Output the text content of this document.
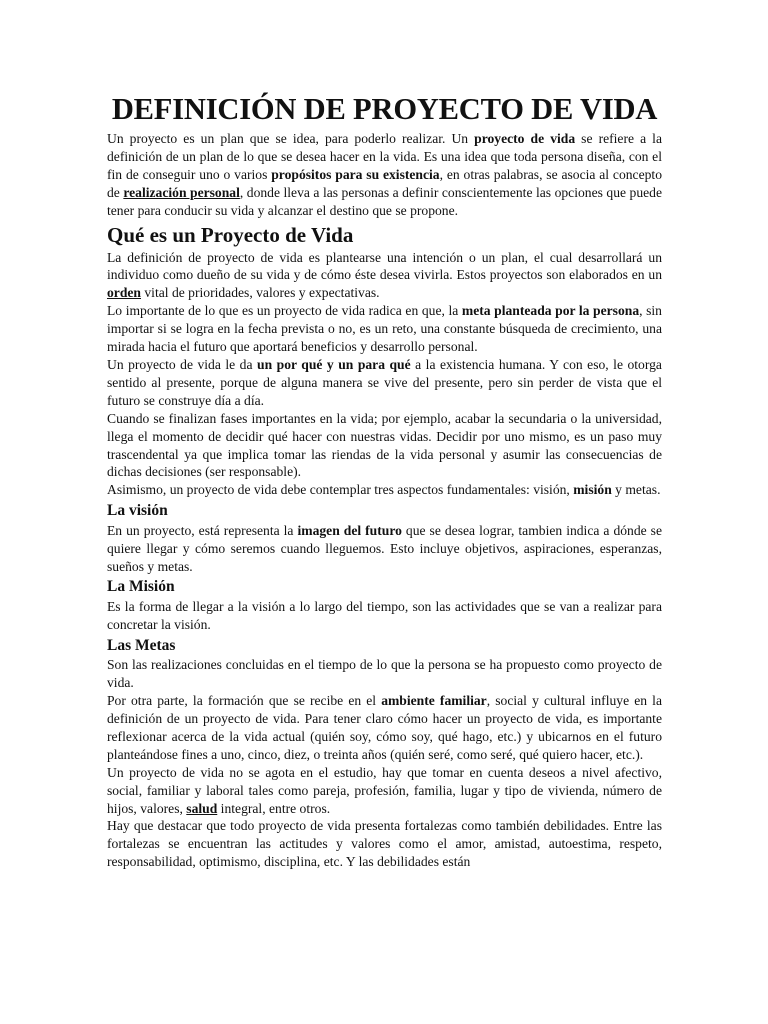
DEFINICIÓN DE PROYECTO DE VIDA

Un proyecto es un plan que se idea, para poderlo realizar. Un proyecto de vida se refiere a la definición de un plan de lo que se desea hacer en la vida. Es una idea que toda persona diseña, con el fin de conseguir uno o varios propósitos para su existencia, en otras palabras, se asocia al concepto de realización personal, donde lleva a las personas a definir conscientemente las opciones que puede tener para conducir su vida y alcanzar el destino que se propone.

Qué es un Proyecto de Vida

La definición de proyecto de vida es plantearse una intención o un plan, el cual desarrollará un individuo como dueño de su vida y de cómo éste desea vivirla. Estos proyectos son elaborados en un orden vital de prioridades, valores y expectativas.

Lo importante de lo que es un proyecto de vida radica en que, la meta planteada por la persona, sin importar si se logra en la fecha prevista o no, es un reto, una constante búsqueda de crecimiento, una mirada hacia el futuro que aportará beneficios y desarrollo personal.

Un proyecto de vida le da un por qué y un para qué a la existencia humana. Y con eso, le otorga sentido al presente, porque de alguna manera se vive del presente, pero sin perder de vista que el futuro se construye día a día.

Cuando se finalizan fases importantes en la vida; por ejemplo, acabar la secundaria o la universidad, llega el momento de decidir qué hacer con nuestras vidas. Decidir por uno mismo, es un paso muy trascendental ya que implica tomar las riendas de la vida personal y asumir las consecuencias de dichas decisiones (ser responsable).

Asimismo, un proyecto de vida debe contemplar tres aspectos fundamentales: visión, misión y metas.

La visión

En un proyecto, está representa la imagen del futuro que se desea lograr, tambien indica a dónde se quiere llegar y cómo seremos cuando lleguemos. Esto incluye objetivos, aspiraciones, esperanzas, sueños y metas.

La Misión

Es la forma de llegar a la visión a lo largo del tiempo, son las actividades que se van a realizar para concretar la visión.

Las Metas

Son las realizaciones concluidas en el tiempo de lo que la persona se ha propuesto como proyecto de vida.

Por otra parte, la formación que se recibe en el ambiente familiar, social y cultural influye en la definición de un proyecto de vida. Para tener claro cómo hacer un proyecto de vida, es importante reflexionar acerca de la vida actual (quién soy, cómo soy, qué hago, etc.) y ubicarnos en el futuro planteándose fines a uno, cinco, diez, o treinta años (quién seré, como seré, qué quiero hacer, etc.).

Un proyecto de vida no se agota en el estudio, hay que tomar en cuenta deseos a nivel afectivo, social, familiar y laboral tales como pareja, profesión, familia, lugar y tipo de vivienda, número de hijos, valores, salud integral, entre otros.

Hay que destacar que todo proyecto de vida presenta fortalezas como también debilidades. Entre las fortalezas se encuentran las actitudes y valores como el amor, amistad, autoestima, respeto, responsabilidad, optimismo, disciplina, etc. Y las debilidades están
